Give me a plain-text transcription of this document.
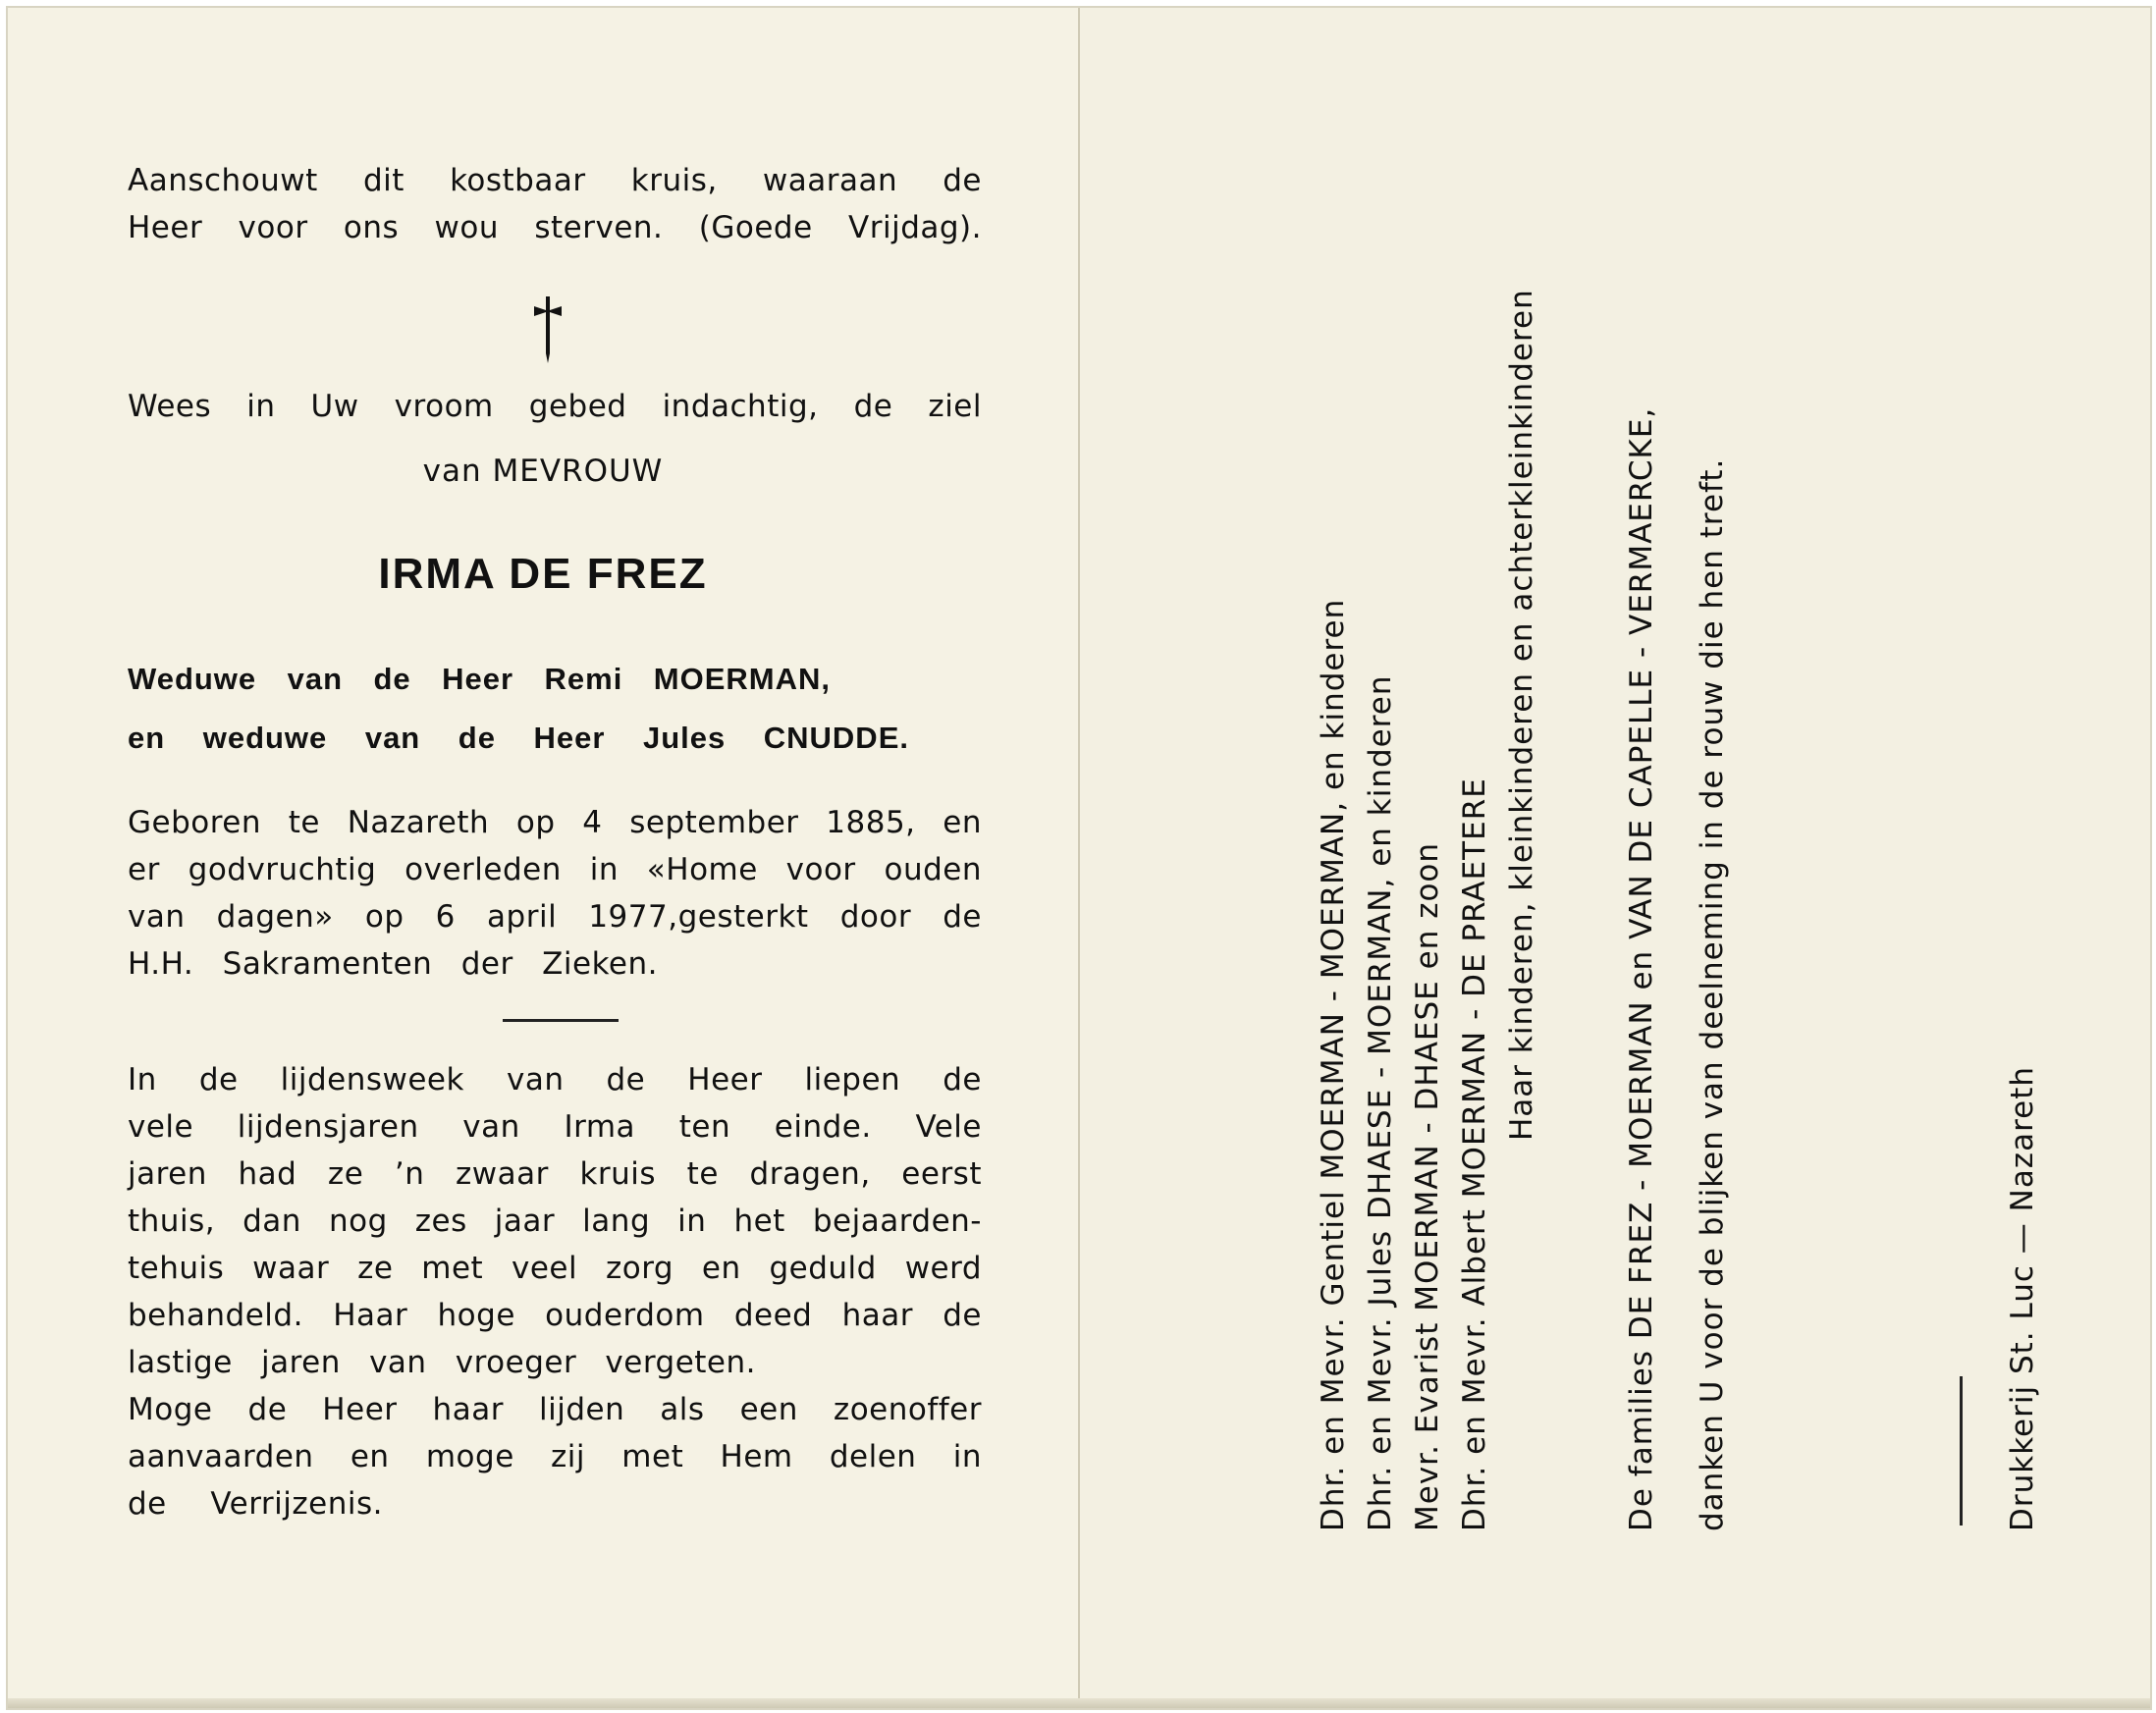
Aanschouwt dit kostbaar kruis, waaraan de
Heer voor ons wou sterven. (Goede Vrijdag).
Wees in Uw vroom gebed indachtig, de ziel
van MEVROUW
IRMA DE FREZ
Weduwe van de Heer Remi MOERMAN,
en weduwe van de Heer Jules CNUDDE.
Geboren te Nazareth op 4 september 1885, en
er godvruchtig overleden in «Home voor ouden
van dagen» op 6 april 1977,gesterkt door de
H.H. Sakramenten der Zieken.
In de lijdensweek van de Heer liepen de
vele lijdensjaren van Irma ten einde. Vele
jaren had ze ’n zwaar kruis te dragen, eerst
thuis, dan nog zes jaar lang in het bejaarden-
tehuis waar ze met veel zorg en geduld werd
behandeld. Haar hoge ouderdom deed haar de
lastige jaren van vroeger vergeten.
Moge de Heer haar lijden als een zoenoffer
aanvaarden en moge zij met Hem delen in
de Verrijzenis.	Dhr. en Mevr. Gentiel MOERMAN - MOERMAN, en kinderen Dhr. en Mevr. Jules DHAESE - MOERMAN, en kinderen Mevr. Evarist MOERMAN - DHAESE en zoon Dhr. en Mevr. Albert MOERMAN - DE PRAETERE
Haar kinderen, kleinkinderen en achterkleinkinderen	De families DE FREZ - MOERMAN en VAN DE CAPELLE - VERMAERCKE, danken U voor de blijken van deelneming in de rouw die hen treft.	Drukkerij St. Luc — Nazareth
